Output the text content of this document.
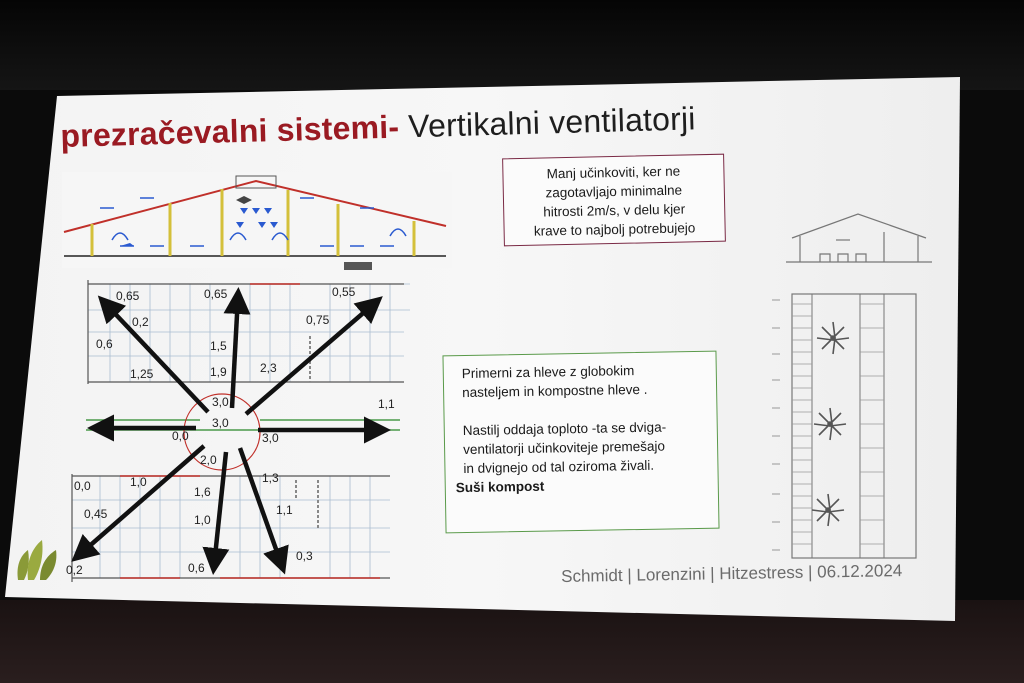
0,65	0,65	0,55
0,2	0,75
0,6	1,5
1,25	1,9	2,3
3,0
3,0
3,0
1,1
0,0
2,0
1,3
0,0	1,0
1,6
0,45	1,0
1,1
0,3
0,2	0,6
prezračevalni sistemi- Vertikalni ventilatorji

Manj učinkoviti, ker ne

zagotavljajo minimalne

hitrosti 2m/s, v delu kjer

krave to najbolj potrebujejo

Primerni za hleve z globokim

nasteljem in kompostne hleve .

Nastilj oddaja toploto -ta se dviga-

ventilatorji učinkoviteje premešajo

in dvignejo od tal oziroma živali.

Suši kompost

Schmidt | Lorenzini | Hitzestress | 06.12.2024
